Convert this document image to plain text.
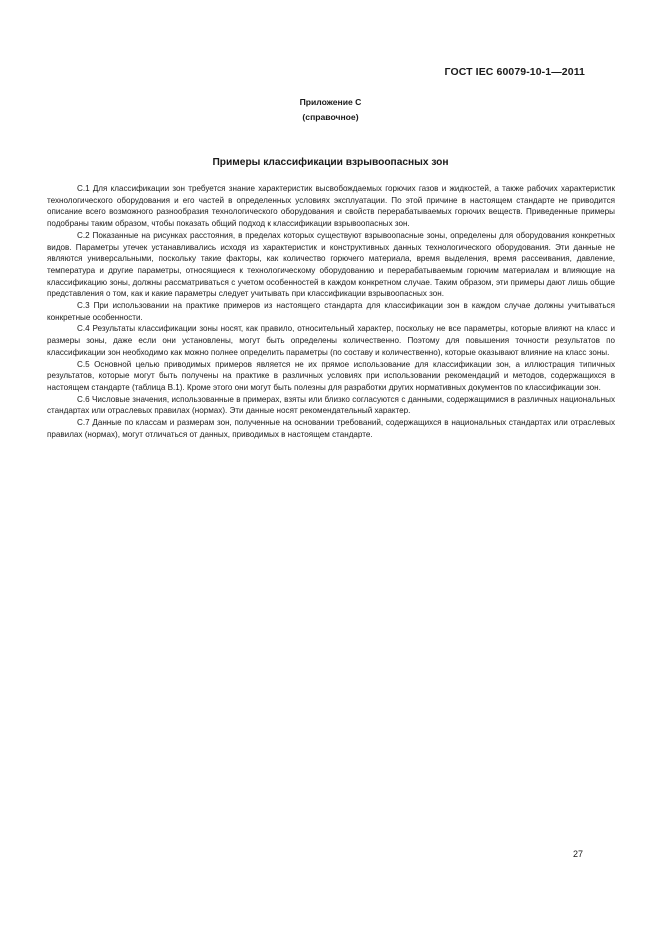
ГОСТ IEC 60079-10-1—2011
Приложение С
(справочное)
Примеры классификации взрывоопасных зон

С.1 Для классификации зон требуется знание характеристик высвобождаемых горючих газов и жидкостей, а также рабочих характеристик технологического оборудования и его частей в определенных условиях эксплуатации. По этой причине в настоящем стандарте не приводится описание всего возможного разнообразия технологического оборудования и свойств перерабатываемых горючих веществ. Приведенные примеры подобраны таким образом, чтобы показать общий подход к классификации взрывоопасных зон.

С.2 Показанные на рисунках расстояния, в пределах которых существуют взрывоопасные зоны, определены для оборудования конкретных видов. Параметры утечек устанавливались исходя из характеристик и конструктивных данных технологического оборудования. Эти данные не являются универсальными, поскольку такие факторы, как количество горючего материала, время выделения, время рассеивания, давление, температура и другие параметры, относящиеся к технологическому оборудованию и перерабатываемым горючим материалам и влияющие на классификацию зоны, должны рассматриваться с учетом особенностей в каждом конкретном случае. Таким образом, эти примеры дают лишь общие представления о том, как и какие параметры следует учитывать при классификации взрывоопасных зон.

С.3 При использовании на практике примеров из настоящего стандарта для классификации зон в каждом случае должны учитываться конкретные особенности.

С.4 Результаты классификации зоны носят, как правило, относительный характер, поскольку не все параметры, которые влияют на класс и размеры зоны, даже если они установлены, могут быть определены количественно. Поэтому для повышения точности результатов по классификации зон необходимо как можно полнее определить параметры (по составу и количественно), которые оказывают влияние на класс зоны.

С.5 Основной целью приводимых примеров является не их прямое использование для классификации зон, а иллюстрация типичных результатов, которые могут быть получены на практике в различных условиях при использовании рекомендаций и методов, содержащихся в настоящем стандарте (таблица В.1). Кроме этого они могут быть полезны для разработки других нормативных документов по классификации зон.

С.6 Числовые значения, использованные в примерах, взяты или близко согласуются с данными, содержащимися в различных национальных стандартах или отраслевых правилах (нормах). Эти данные носят рекомендательный характер.

С.7 Данные по классам и размерам зон, полученные на основании требований, содержащихся в национальных стандартах или отраслевых правилах (нормах), могут отличаться от данных, приводимых в настоящем стандарте.

27
